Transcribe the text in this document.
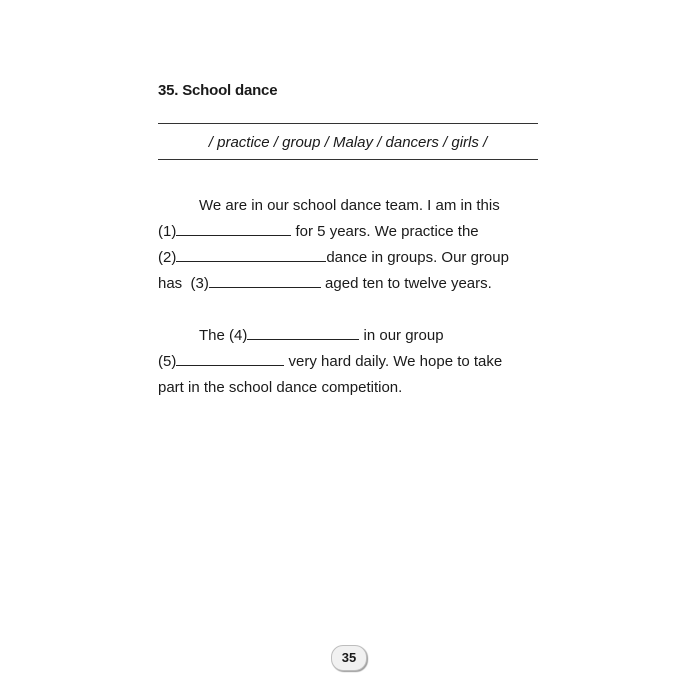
35. School dance
/ practice / group / Malay / dancers / girls /
We are in our school dance team. I am in this
(1)	for 5 years. We practice the
(2)	dance in groups. Our group
has  (3)	aged ten to twelve years.
The (4)	in our group
(5)	very hard daily. We hope to take
part in the school dance competition.
35
